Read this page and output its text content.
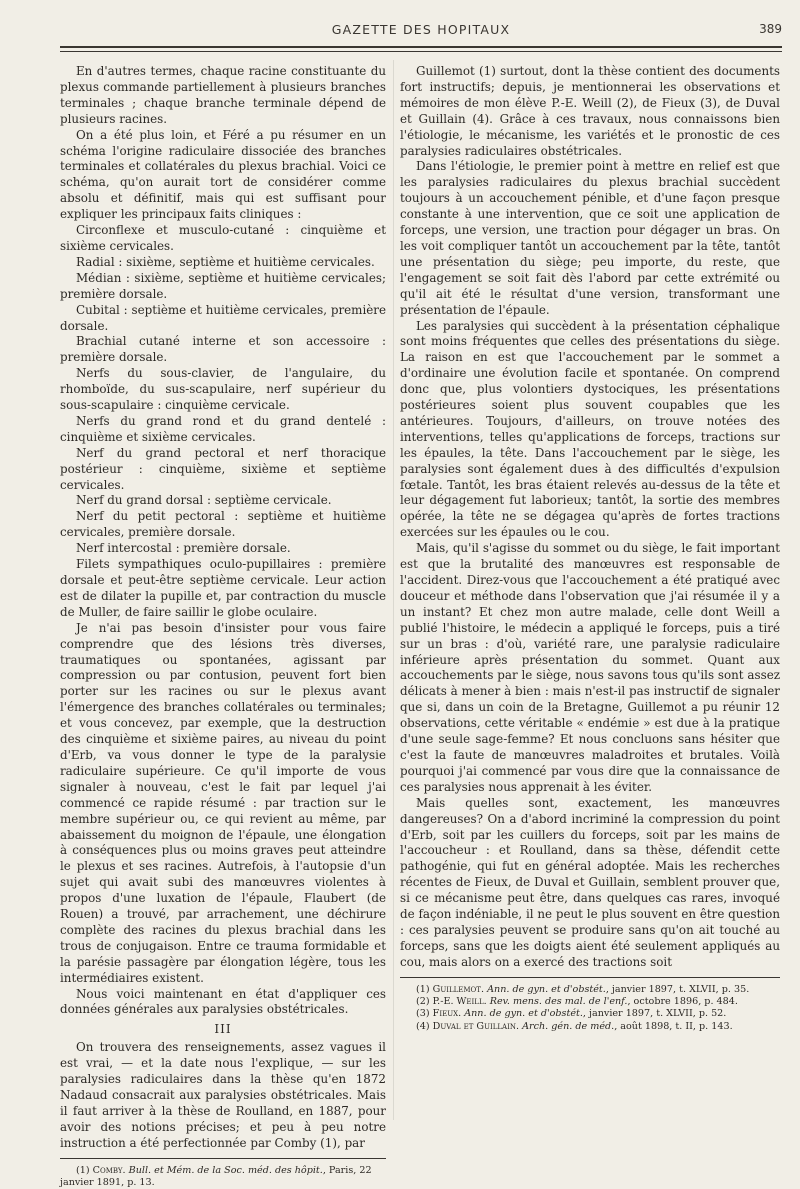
GAZETTE DES HOPITAUX	389

En d'autres termes, chaque racine constituante du plexus commande partiellement à plusieurs branches terminales ; chaque branche terminale dépend de plusieurs racines.

On a été plus loin, et Féré a pu résumer en un schéma l'origine radiculaire dissociée des branches terminales et collatérales du plexus brachial. Voici ce schéma, qu'on aurait tort de considérer comme absolu et définitif, mais qui est suffisant pour expliquer les principaux faits cliniques :

Circonflexe et musculo-cutané : cinquième et sixième cervicales.

Radial : sixième, septième et huitième cervicales.

Médian : sixième, septième et huitième cervicales; première dorsale.

Cubital : septième et huitième cervicales, première dorsale.

Brachial cutané interne et son accessoire : première dorsale.

Nerfs du sous-clavier, de l'angulaire, du rhomboïde, du sus-scapulaire, nerf supérieur du sous-scapulaire : cinquième cervicale.

Nerfs du grand rond et du grand dentelé : cinquième et sixième cervicales.

Nerf du grand pectoral et nerf thoracique postérieur : cinquième, sixième et septième cervicales.

Nerf du grand dorsal : septième cervicale.

Nerf du petit pectoral : septième et huitième cervicales, première dorsale.

Nerf intercostal : première dorsale.

Filets sympathiques oculo-pupillaires : première dorsale et peut-être septième cervicale. Leur action est de dilater la pupille et, par contraction du muscle de Muller, de faire saillir le globe oculaire.

Je n'ai pas besoin d'insister pour vous faire comprendre que des lésions très diverses, traumatiques ou spontanées, agissant par compression ou par contusion, peuvent fort bien porter sur les racines ou sur le plexus avant l'émergence des branches collatérales ou terminales; et vous concevez, par exemple, que la destruction des cinquième et sixième paires, au niveau du point d'Erb, va vous donner le type de la paralysie radiculaire supérieure. Ce qu'il importe de vous signaler à nouveau, c'est le fait par lequel j'ai commencé ce rapide résumé : par traction sur le membre supérieur ou, ce qui revient au même, par abaissement du moignon de l'épaule, une élongation à conséquences plus ou moins graves peut atteindre le plexus et ses racines. Autrefois, à l'autopsie d'un sujet qui avait subi des manœuvres violentes à propos d'une luxation de l'épaule, Flaubert (de Rouen) a trouvé, par arrachement, une déchirure complète des racines du plexus brachial dans les trous de conjugaison. Entre ce trauma formidable et la parésie passagère par élongation légère, tous les intermédiaires existent.

Nous voici maintenant en état d'appliquer ces données générales aux paralysies obstétricales.

III

On trouvera des renseignements, assez vagues il est vrai, — et la date nous l'explique, — sur les paralysies radiculaires dans la thèse qu'en 1872 Nadaud consacrait aux paralysies obstétricales. Mais il faut arriver à la thèse de Roulland, en 1887, pour avoir des notions précises; et peu à peu notre instruction a été perfectionnée par Comby (1), par

(1) Comby. Bull. et Mém. de la Soc. méd. des hôpit., Paris, 22 janvier 1891, p. 13.

Guillemot (1) surtout, dont la thèse contient des documents fort instructifs; depuis, je mentionnerai les observations et mémoires de mon élève P.-E. Weill (2), de Fieux (3), de Duval et Guillain (4). Grâce à ces travaux, nous connaissons bien l'étiologie, le mécanisme, les variétés et le pronostic de ces paralysies radiculaires obstétricales.

Dans l'étiologie, le premier point à mettre en relief est que les paralysies radiculaires du plexus brachial succèdent toujours à un accouchement pénible, et d'une façon presque constante à une intervention, que ce soit une application de forceps, une version, une traction pour dégager un bras. On les voit compliquer tantôt un accouchement par la tête, tantôt une présentation du siège; peu importe, du reste, que l'engagement se soit fait dès l'abord par cette extrémité ou qu'il ait été le résultat d'une version, transformant une présentation de l'épaule.

Les paralysies qui succèdent à la présentation céphalique sont moins fréquentes que celles des présentations du siège. La raison en est que l'accouchement par le sommet a d'ordinaire une évolution facile et spontanée. On comprend donc que, plus volontiers dystociques, les présentations postérieures soient plus souvent coupables que les antérieures. Toujours, d'ailleurs, on trouve notées des interventions, telles qu'applications de forceps, tractions sur les épaules, la tête. Dans l'accouchement par le siège, les paralysies sont également dues à des difficultés d'expulsion fœtale. Tantôt, les bras étaient relevés au-dessus de la tête et leur dégagement fut laborieux; tantôt, la sortie des membres opérée, la tête ne se dégagea qu'après de fortes tractions exercées sur les épaules ou le cou.

Mais, qu'il s'agisse du sommet ou du siège, le fait important est que la brutalité des manœuvres est responsable de l'accident. Direz-vous que l'accouchement a été pratiqué avec douceur et méthode dans l'observation que j'ai résumée il y a un instant? Et chez mon autre malade, celle dont Weill a publié l'histoire, le médecin a appliqué le forceps, puis a tiré sur un bras : d'où, variété rare, une paralysie radiculaire inférieure après présentation du sommet. Quant aux accouchements par le siège, nous savons tous qu'ils sont assez délicats à mener à bien : mais n'est-il pas instructif de signaler que si, dans un coin de la Bretagne, Guillemot a pu réunir 12 observations, cette véritable « endémie » est due à la pratique d'une seule sage-femme? Et nous concluons sans hésiter que c'est la faute de manœuvres maladroites et brutales. Voilà pourquoi j'ai commencé par vous dire que la connaissance de ces paralysies nous apprenait à les éviter.

Mais quelles sont, exactement, les manœuvres dangereuses? On a d'abord incriminé la compression du point d'Erb, soit par les cuillers du forceps, soit par les mains de l'accoucheur : et Roulland, dans sa thèse, défendit cette pathogénie, qui fut en général adoptée. Mais les recherches récentes de Fieux, de Duval et Guillain, semblent prouver que, si ce mécanisme peut être, dans quelques cas rares, invoqué de façon indéniable, il ne peut le plus souvent en être question : ces paralysies peuvent se produire sans qu'on ait touché au forceps, sans que les doigts aient été seulement appliqués au cou, mais alors on a exercé des tractions soit

(1) Guillemot. Ann. de gyn. et d'obstét., janvier 1897, t. XLVII, p. 35.

(2) P.-E. Weill. Rev. mens. des mal. de l'enf., octobre 1896, p. 484.

(3) Fieux. Ann. de gyn. et d'obstét., janvier 1897, t. XLVII, p. 52.

(4) Duval et Guillain. Arch. gén. de méd., août 1898, t. II, p. 143.
